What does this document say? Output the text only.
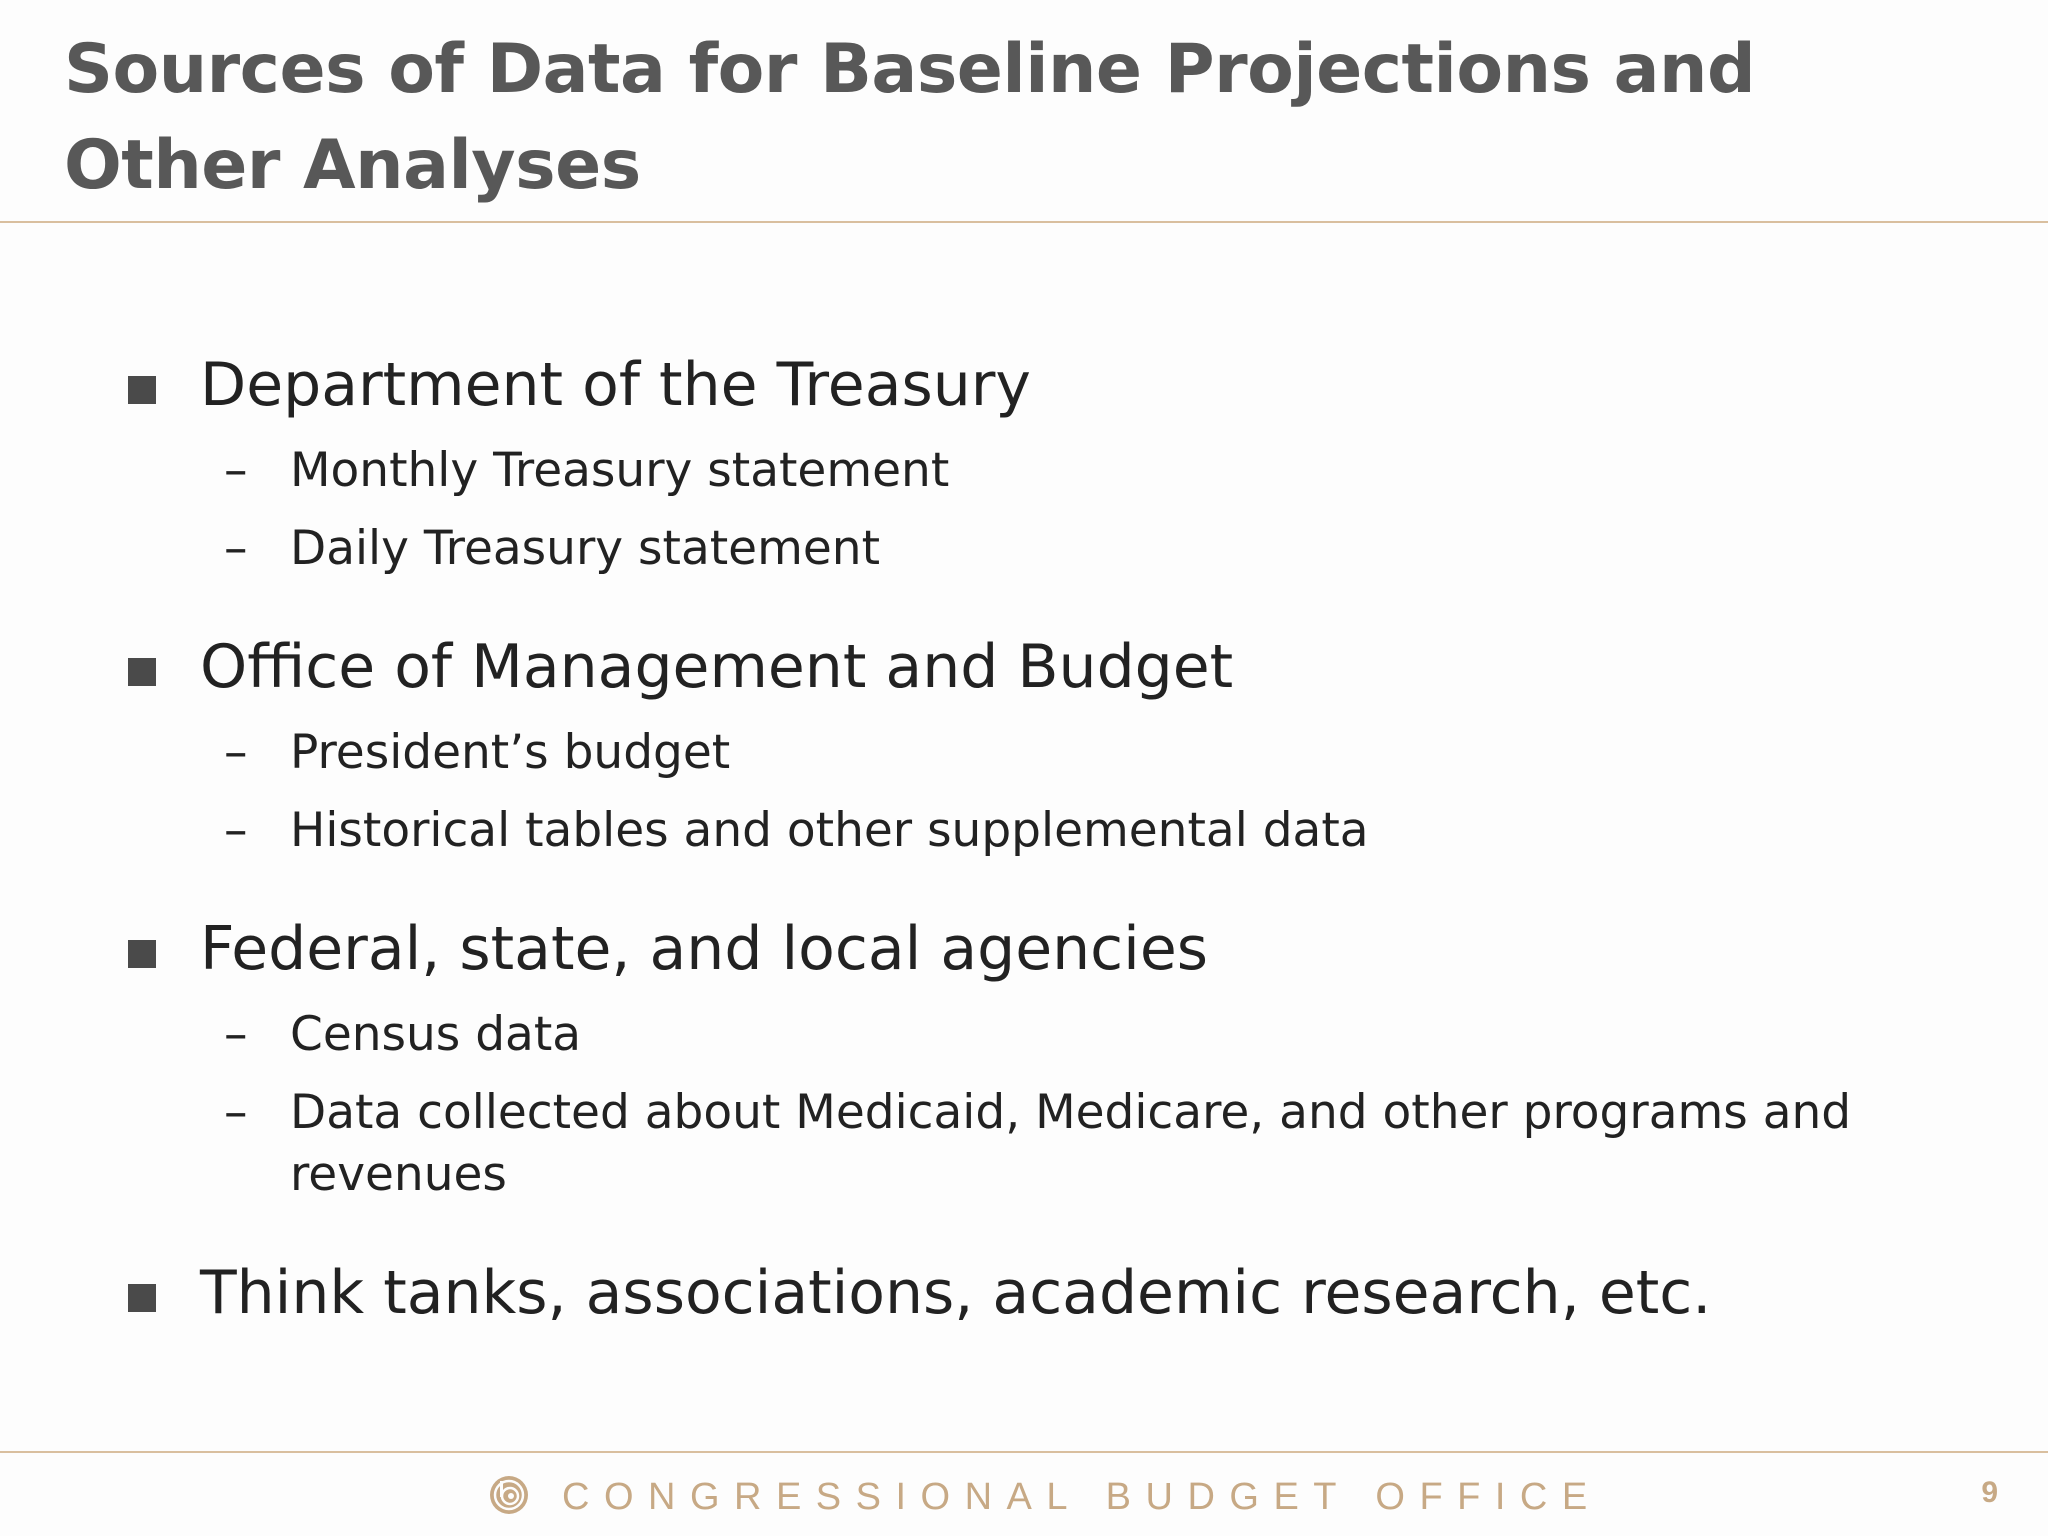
Sources of Data for Baseline Projections and
Other Analyses
Department of the Treasury
– Monthly Treasury statement
– Daily Treasury statement
Office of Management and Budget
– President’s budget
– Historical tables and other supplemental data
Federal, state, and local agencies
– Census data
– Data collected about Medicaid, Medicare, and other programs and revenues
Think tanks, associations, academic research, etc.
CONGRESSIONAL BUDGET OFFICE	9
